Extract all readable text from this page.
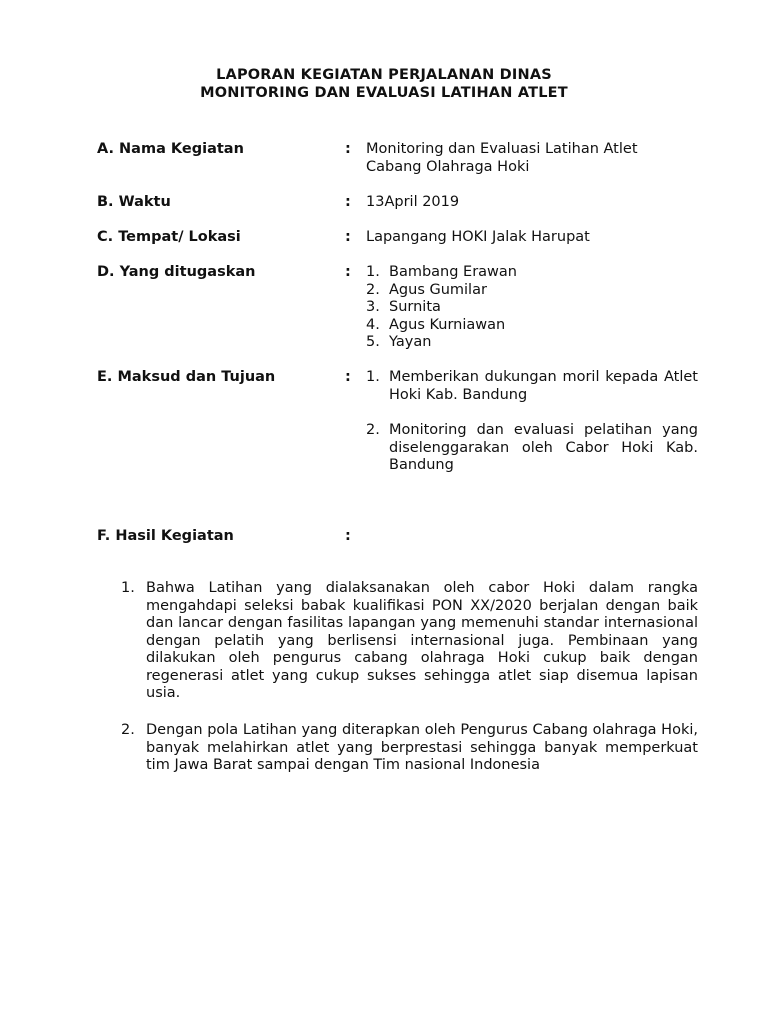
LAPORAN KEGIATAN PERJALANAN DINAS
MONITORING DAN EVALUASI LATIHAN ATLET
A. Nama Kegiatan	: Monitoring dan Evaluasi Latihan Atlet
Cabang Olahraga Hoki
B. Waktu	: 13April 2019
C. Tempat/ Lokasi	: Lapangang HOKI Jalak Harupat
D. Yang ditugaskan	: 1. Bambang Erawan
2. Agus Gumilar
3. Surnita
4. Agus Kurniawan
5. Yayan
E. Maksud dan Tujuan	: 1. Memberikan dukungan moril kepada Atlet Hoki Kab. Bandung
2. Monitoring dan evaluasi pelatihan yang diselenggarakan oleh Cabor Hoki Kab. Bandung
F. Hasil Kegiatan	:
1. Bahwa Latihan yang dialaksanakan oleh cabor Hoki dalam rangka mengahdapi seleksi babak kualifikasi PON XX/2020 berjalan dengan baik dan lancar dengan fasilitas lapangan yang memenuhi standar internasional dengan pelatih yang berlisensi internasional juga. Pembinaan yang dilakukan oleh pengurus cabang olahraga Hoki cukup baik dengan regenerasi atlet yang cukup sukses sehingga atlet siap disemua lapisan usia.
2. Dengan pola Latihan yang diterapkan oleh Pengurus Cabang olahraga Hoki, banyak melahirkan atlet yang berprestasi sehingga banyak memperkuat tim Jawa Barat sampai dengan Tim nasional Indonesia
